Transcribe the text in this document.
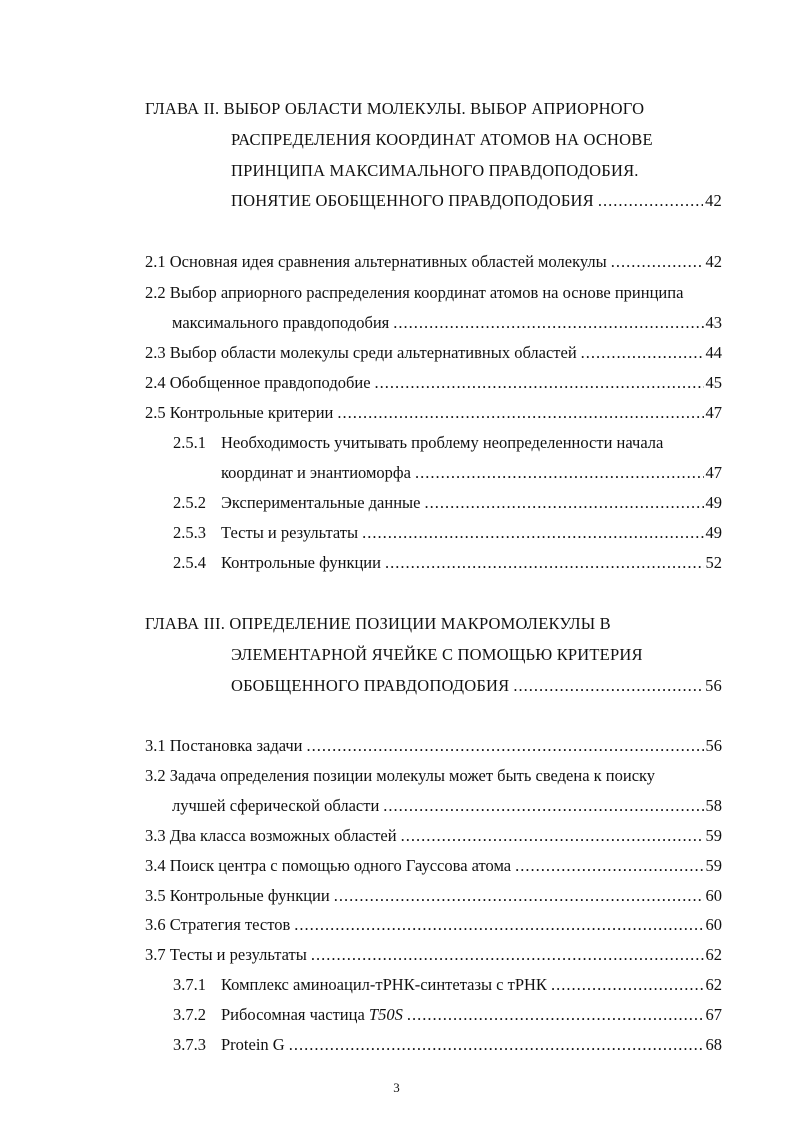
ГЛАВА II.
ВЫБОР ОБЛАСТИ МОЛЕКУЛЫ. ВЫБОР АПРИОРНОГО
РАСПРЕДЕЛЕНИЯ КООРДИНАТ АТОМОВ НА ОСНОВЕ
ПРИНЦИПА МАКСИМАЛЬНОГО ПРАВДОПОДОБИЯ.
ПОНЯТИЕ ОБОБЩЕННОГО ПРАВДОПОДОБИЯ .....	42
2.1 Основная идея сравнения альтернативных областей молекулы .....	42
2.2 Выбор априорного распределения координат атомов на основе принципа
максимального правдоподобия .....	43
2.3 Выбор области молекулы среди альтернативных областей .....	44
2.4 Обобщенное правдоподобие .....	45
2.5 Контрольные критерии .....	47
2.5.1 Необходимость учитывать проблему неопределенности начала
координат и энантиоморфа .....	47
2.5.2 Экспериментальные данные .....	49
2.5.3 Тесты и результаты .....	49
2.5.4 Контрольные функции .....	52
ГЛАВА III.
ОПРЕДЕЛЕНИЕ ПОЗИЦИИ МАКРОМОЛЕКУЛЫ В
ЭЛЕМЕНТАРНОЙ ЯЧЕЙКЕ С ПОМОЩЬЮ КРИТЕРИЯ
ОБОБЩЕННОГО ПРАВДОПОДОБИЯ .....	56
3.1 Постановка задачи .....	56
3.2 Задача определения позиции молекулы может быть сведена к поиску
лучшей сферической области .....	58
3.3 Два класса возможных областей .....	59
3.4 Поиск центра с помощью одного Гауссова атома .....	59
3.5 Контрольные функции .....	60
3.6 Стратегия тестов .....	60
3.7 Тесты и результаты .....	62
3.7.1 Комплекс аминоацил-тРНК-синтетазы с тРНК .....	62
3.7.2 Рибосомная частица T50S .....	67
3.7.3 Protein G .....	68
3
